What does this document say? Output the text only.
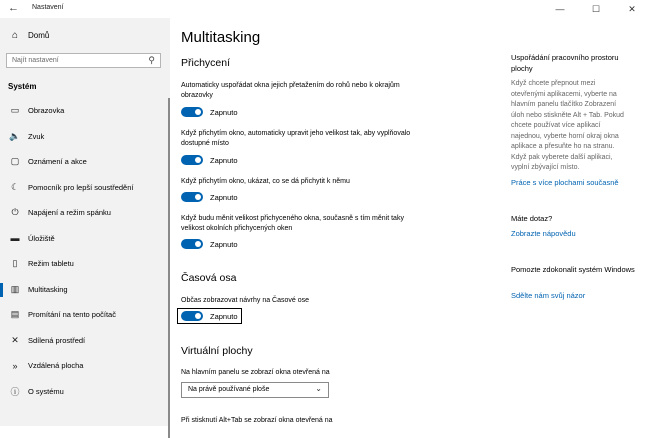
← Nastavení	—	☐	✕
⌂	Domů
Najít nastavení	⚲
Systém
▭	Obrazovka
🔈 Zvuk
▢	Oznámení a akce
☾	Pomocník pro lepší soustředění
⏻	Napájení a režim spánku
▬	Úložiště
▯	Režim tabletu
▥	Multitasking
▤	Promítání na tento počítač
✕	Sdílená prostředí
»	Vzdálená plocha
ⓘ	O systému
Multitasking
Přichycení
Automaticky uspořádat okna jejich přetažením do rohů nebo k okrajům obrazovky
Zapnuto
Když přichytím okno, automaticky upravit jeho velikost tak, aby vyplňovalo dostupné místo
Zapnuto
Když přichytím okno, ukázat, co se dá přichytit k němu
Zapnuto
Když budu měnit velikost přichyceného okna, současně s tím měnit taky velikost okolních přichycených oken
Zapnuto
Časová osa
Občas zobrazovat návrhy na Časové ose
Zapnuto
Virtuální plochy
Na hlavním panelu se zobrazí okna otevřená na
Na právě používané ploše	⌄
Při stisknutí Alt+Tab se zobrazí okna otevřená na
Uspořádání pracovního prostoru plochy
Když chcete přepnout mezi otevřenými aplikacemi, vyberte na hlavním panelu tlačítko Zobrazení úloh nebo stiskněte Alt + Tab. Pokud chcete používat více aplikací najednou, vyberte horní okraj okna aplikace a přesuňte ho na stranu. Když pak vyberete další aplikaci, vyplní zbývající místo.
Práce s více plochami současně
Máte dotaz?
Zobrazte nápovědu
Pomozte zdokonalit systém Windows
Sdělte nám svůj názor
